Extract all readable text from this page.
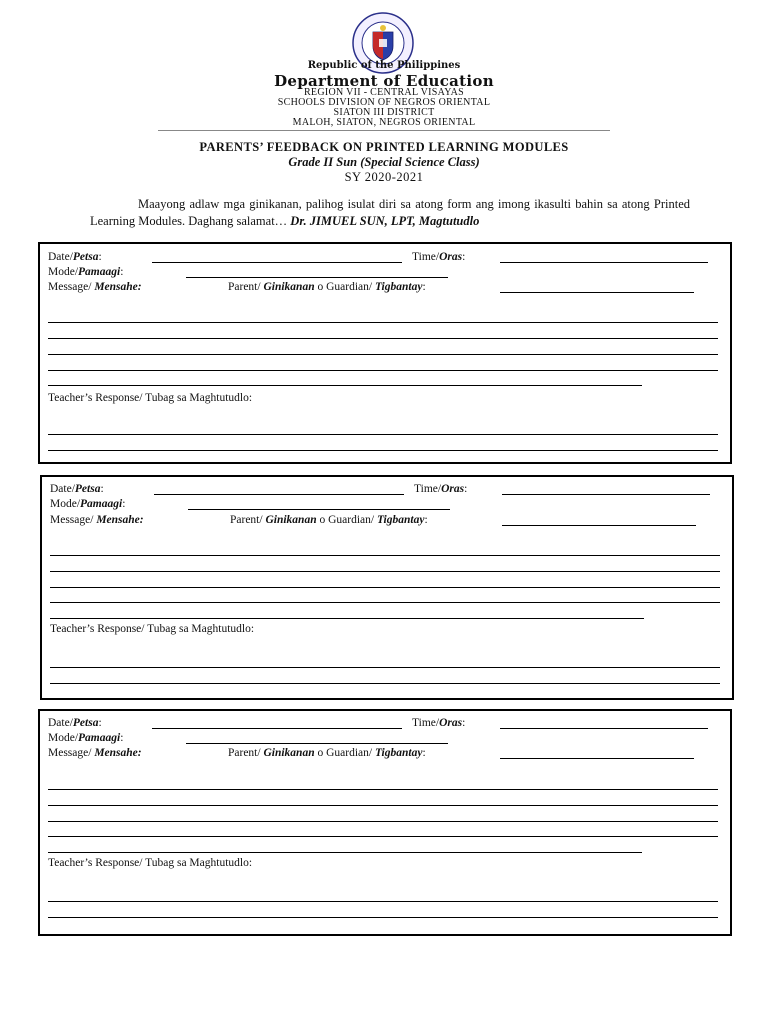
Republic of the Philippines
Department of Education
REGION VII - CENTRAL VISAYAS
SCHOOLS DIVISION OF NEGROS ORIENTAL
SIATON III DISTRICT
MALOH, SIATON, NEGROS ORIENTAL
PARENTS’ FEEDBACK ON PRINTED LEARNING MODULES
Grade II Sun (Special Science Class)
SY 2020-2021
Maayong adlaw mga ginikanan, palihog isulat diri sa atong form ang imong ikasulti bahin sa atong Printed Learning Modules. Daghang salamat… Dr. JIMUEL SUN, LPT, Magtutudlo
Date/Petsa:	Time/Oras:
Mode/Pamaagi:
Message/ Mensahe:	Parent/ Ginikanan o Guardian/ Tigbantay:
Teacher’s Response/ Tubag sa Maghtutudlo:
Date/Petsa:	Time/Oras:
Mode/Pamaagi:
Message/ Mensahe:	Parent/ Ginikanan o Guardian/ Tigbantay:
Teacher’s Response/ Tubag sa Maghtutudlo:
Date/Petsa:	Time/Oras:
Mode/Pamaagi:
Message/ Mensahe:	Parent/ Ginikanan o Guardian/ Tigbantay:
Teacher’s Response/ Tubag sa Maghtutudlo:
